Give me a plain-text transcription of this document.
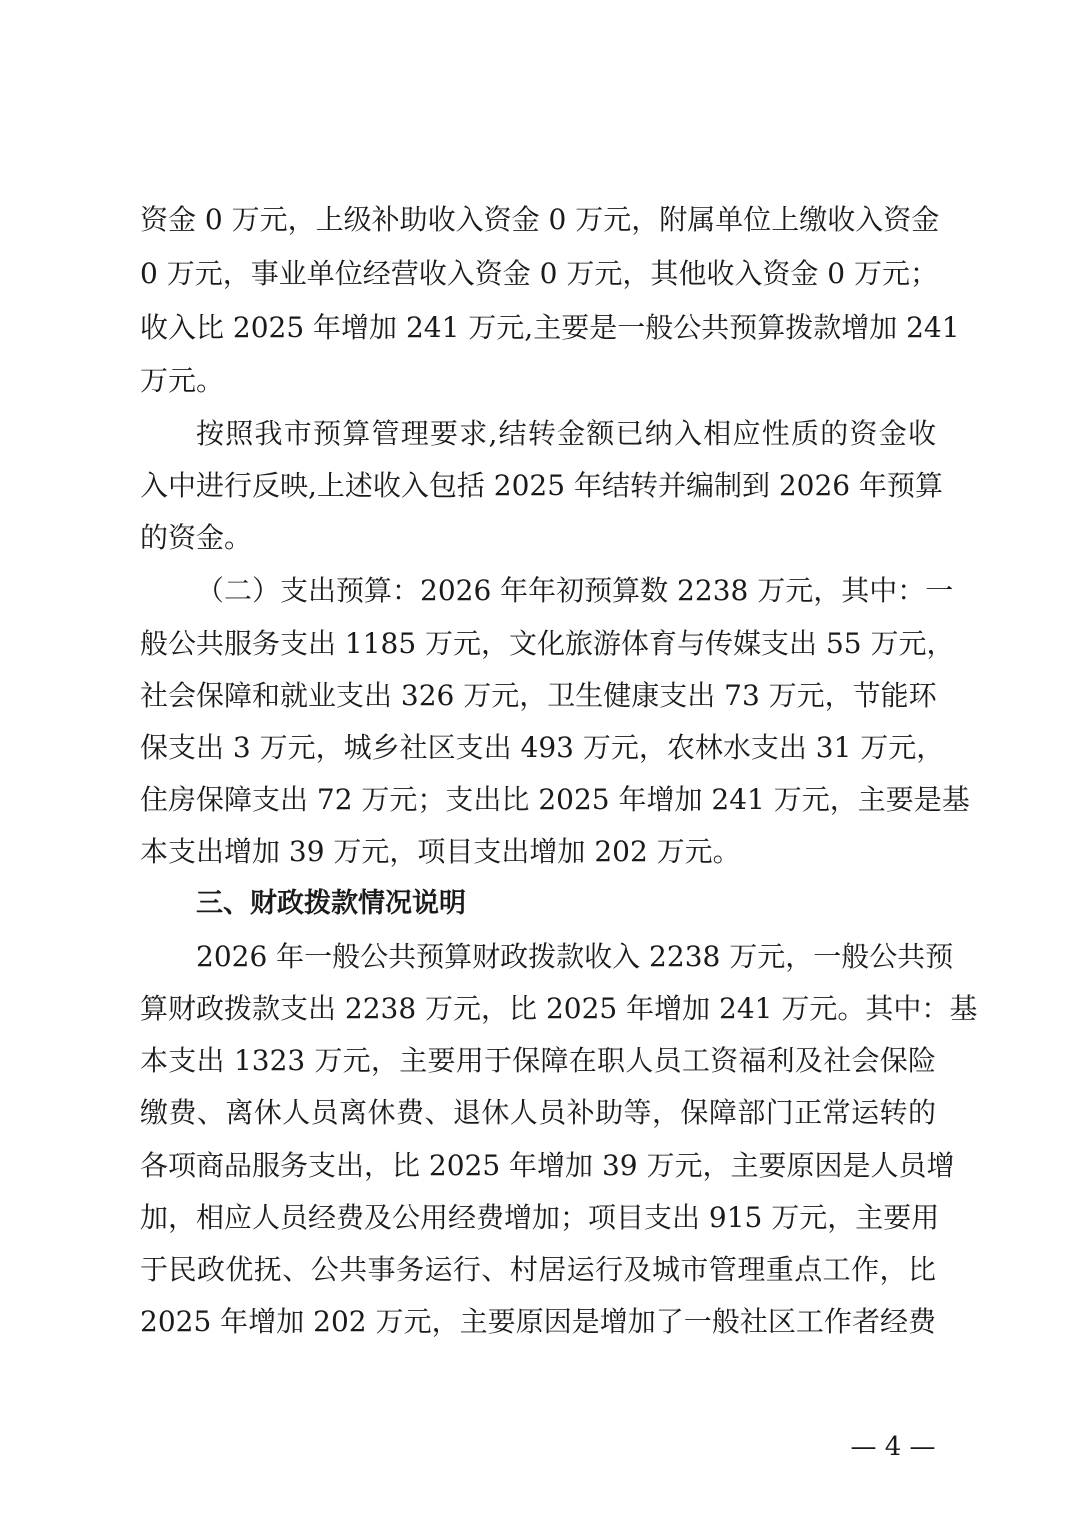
资金 0 万元，上级补助收入资金 0 万元，附属单位上缴收入资金
0 万元，事业单位经营收入资金 0 万元，其他收入资金 0 万元；
收入比 2025 年增加 241 万元,主要是一般公共预算拨款增加 241
万元。
按照我市预算管理要求,结转金额已纳入相应性质的资金收
入中进行反映,上述收入包括 2025 年结转并编制到 2026 年预算
的资金。
（二）支出预算：2026 年年初预算数 2238 万元，其中：一
般公共服务支出 1185 万元，文化旅游体育与传媒支出 55 万元，
社会保障和就业支出 326 万元，卫生健康支出 73 万元，节能环
保支出 3 万元，城乡社区支出 493 万元，农林水支出 31 万元，
住房保障支出 72 万元；支出比 2025 年增加 241 万元，主要是基
本支出增加 39 万元，项目支出增加 202 万元。
三、财政拨款情况说明
2026 年一般公共预算财政拨款收入 2238 万元，一般公共预
算财政拨款支出 2238 万元，比 2025 年增加 241 万元。其中：基
本支出 1323 万元，主要用于保障在职人员工资福利及社会保险
缴费、离休人员离休费、退休人员补助等，保障部门正常运转的
各项商品服务支出，比 2025 年增加 39 万元，主要原因是人员增
加，相应人员经费及公用经费增加；项目支出 915 万元，主要用
于民政优抚、公共事务运行、村居运行及城市管理重点工作，比
2025 年增加 202 万元，主要原因是增加了一般社区工作者经费
— 4 —
